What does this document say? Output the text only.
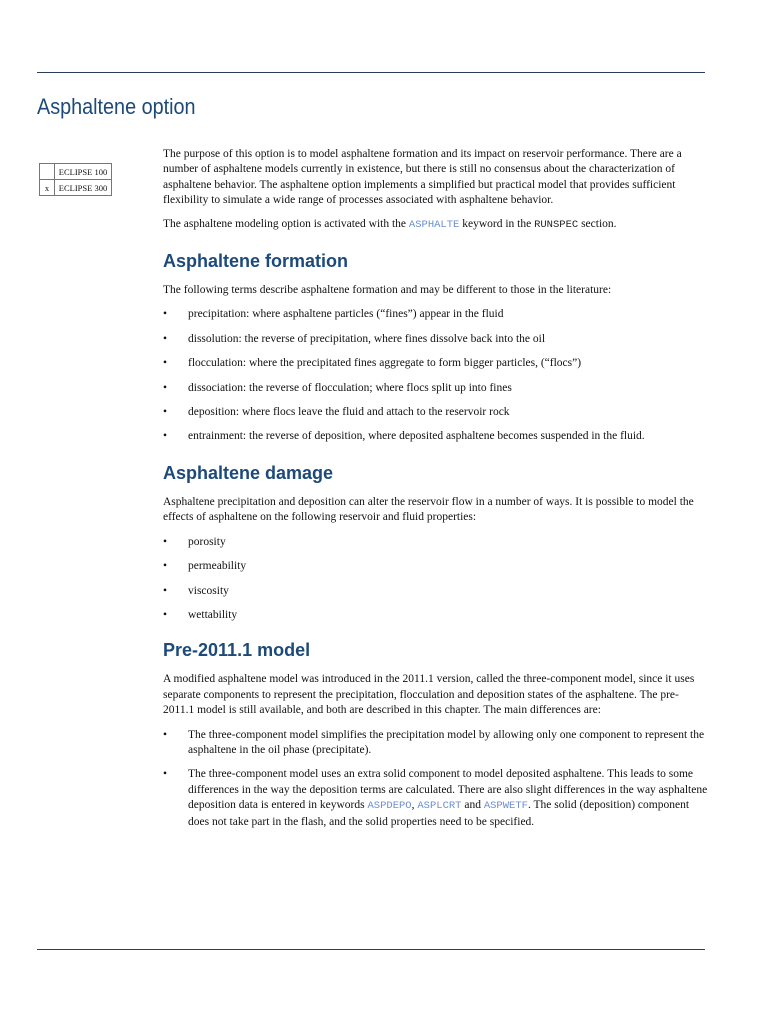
Asphaltene option
	ECLIPSE 100
x	ECLIPSE 300

The purpose of this option is to model asphaltene formation and its impact on reservoir performance. There are a number of asphaltene models currently in existence, but there is still no consensus about the characterization of asphaltene behavior. The asphaltene option implements a simplified but practical model that provides sufficient flexibility to simulate a wide range of processes associated with asphaltene behavior.

The asphaltene modeling option is activated with the ASPHALTE keyword in the RUNSPEC section.

Asphaltene formation

The following terms describe asphaltene formation and may be different to those in the literature:

• precipitation: where asphaltene particles (“fines”) appear in the fluid
• dissolution: the reverse of precipitation, where fines dissolve back into the oil
• flocculation: where the precipitated fines aggregate to form bigger particles, (“flocs”)
• dissociation: the reverse of flocculation; where flocs split up into fines
• deposition: where flocs leave the fluid and attach to the reservoir rock
• entrainment: the reverse of deposition, where deposited asphaltene becomes suspended in the fluid.
Asphaltene damage

Asphaltene precipitation and deposition can alter the reservoir flow in a number of ways. It is possible to model the effects of asphaltene on the following reservoir and fluid properties:

• porosity
• permeability
• viscosity
• wettability
Pre-2011.1 model

A modified asphaltene model was introduced in the 2011.1 version, called the three-component model, since it uses separate components to represent the precipitation, flocculation and deposition states of the asphaltene. The pre-2011.1 model is still available, and both are described in this chapter. The main differences are:

• The three-component model simplifies the precipitation model by allowing only one component to represent the asphaltene in the oil phase (precipitate).
• The three-component model uses an extra solid component to model deposited asphaltene. This leads to some differences in the way the deposition terms are calculated. There are also slight differences in the way asphaltene deposition data is entered in keywords ASPDEPO, ASPLCRT and ASPWETF. The solid (deposition) component does not take part in the flash, and the solid properties need to be specified.
